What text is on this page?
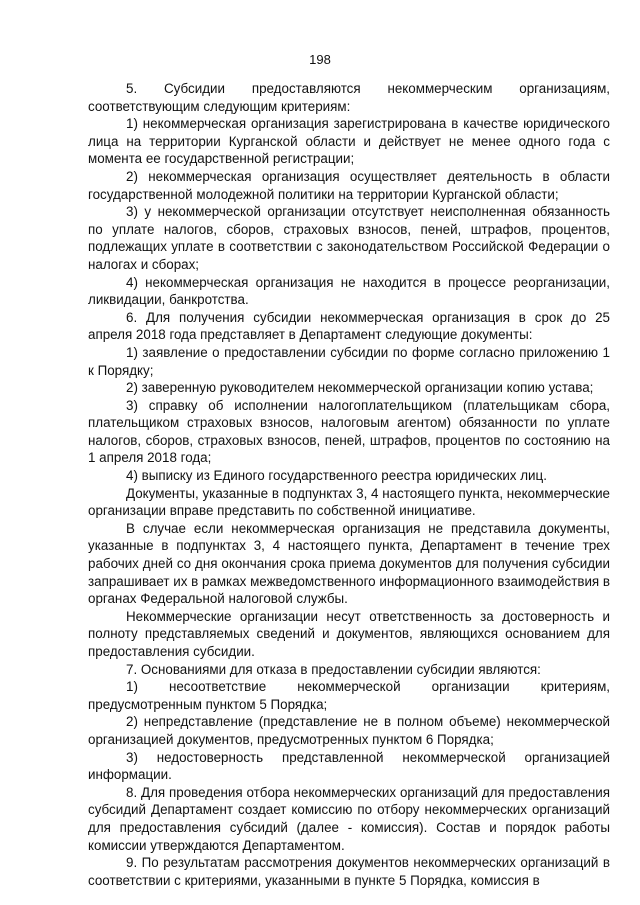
198

5. Субсидии предоставляются некоммерческим организациям, соответствующим следующим критериям:

1) некоммерческая организация зарегистрирована в качестве юридического лица на территории Курганской области и действует не менее одного года с момента ее государственной регистрации;

2) некоммерческая организация осуществляет деятельность в области государственной молодежной политики на территории Курганской области;

3) у некоммерческой организации отсутствует неисполненная обязанность по уплате налогов, сборов, страховых взносов, пеней, штрафов, процентов, подлежащих уплате в соответствии с законодательством Российской Федерации о налогах и сборах;

4) некоммерческая организация не находится в процессе реорганизации, ликвидации, банкротства.

6. Для получения субсидии некоммерческая организация в срок до 25 апреля 2018 года представляет в Департамент следующие документы:

1) заявление о предоставлении субсидии по форме согласно приложению 1 к Порядку;

2) заверенную руководителем некоммерческой организации копию устава;

3) справку об исполнении налогоплательщиком (плательщикам сбора, плательщиком страховых взносов, налоговым агентом) обязанности по уплате налогов, сборов, страховых взносов, пеней, штрафов, процентов по состоянию на 1 апреля 2018 года;

4) выписку из Единого государственного реестра юридических лиц.

Документы, указанные в подпунктах 3, 4 настоящего пункта, некоммерческие организации вправе представить по собственной инициативе.

В случае если некоммерческая организация не представила документы, указанные в подпунктах 3, 4 настоящего пункта, Департамент в течение трех рабочих дней со дня окончания срока приема документов для получения субсидии запрашивает их в рамках межведомственного информационного взаимодействия в органах Федеральной налоговой службы.

Некоммерческие организации несут ответственность за достоверность и полноту представляемых сведений и документов, являющихся основанием для предоставления субсидии.

7. Основаниями для отказа в предоставлении субсидии являются:

1) несоответствие некоммерческой организации критериям, предусмотренным пунктом 5 Порядка;

2) непредставление (представление не в полном объеме) некоммерческой организацией документов, предусмотренных пунктом 6 Порядка;

3) недостоверность представленной некоммерческой организацией информации.

8. Для проведения отбора некоммерческих организаций для предоставления субсидий Департамент создает комиссию по отбору некоммерческих организаций для предоставления субсидий (далее - комиссия). Состав и порядок работы комиссии утверждаются Департаментом.

9. По результатам рассмотрения документов некоммерческих организаций в соответствии с критериями, указанными в пункте 5 Порядка, комиссия в
